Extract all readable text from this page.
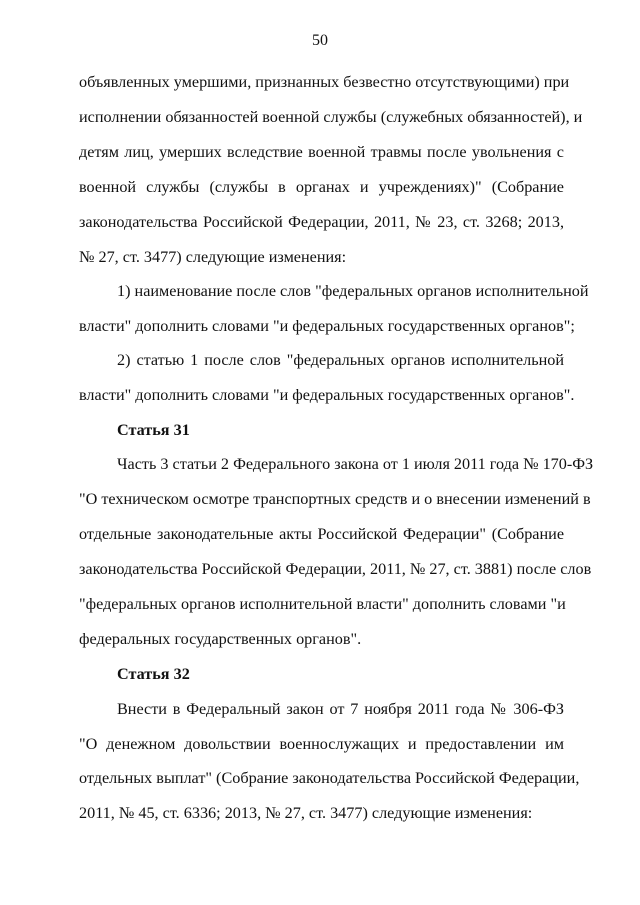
50
объявленных умершими, признанных безвестно отсутствующими) при
исполнении обязанностей военной службы (служебных обязанностей), и
детям лиц, умерших вследствие военной травмы после увольнения с
военной службы (службы в органах и учреждениях)" (Собрание
законодательства Российской Федерации, 2011, № 23, ст. 3268; 2013,
№ 27, ст. 3477) следующие изменения:
1) наименование после слов "федеральных органов исполнительной
власти" дополнить словами "и федеральных государственных органов";
2) статью 1 после слов "федеральных органов исполнительной
власти" дополнить словами "и федеральных государственных органов".
Статья 31
Часть 3 статьи 2 Федерального закона от 1 июля 2011 года № 170-ФЗ
"О техническом осмотре транспортных средств и о внесении изменений в
отдельные законодательные акты Российской Федерации" (Собрание
законодательства Российской Федерации, 2011, № 27, ст. 3881) после слов
"федеральных органов исполнительной власти" дополнить словами "и
федеральных государственных органов".
Статья 32
Внести в Федеральный закон от 7 ноября 2011 года № 306-ФЗ
"О денежном довольствии военнослужащих и предоставлении им
отдельных выплат" (Собрание законодательства Российской Федерации,
2011, № 45, ст. 6336; 2013, № 27, ст. 3477) следующие изменения:
